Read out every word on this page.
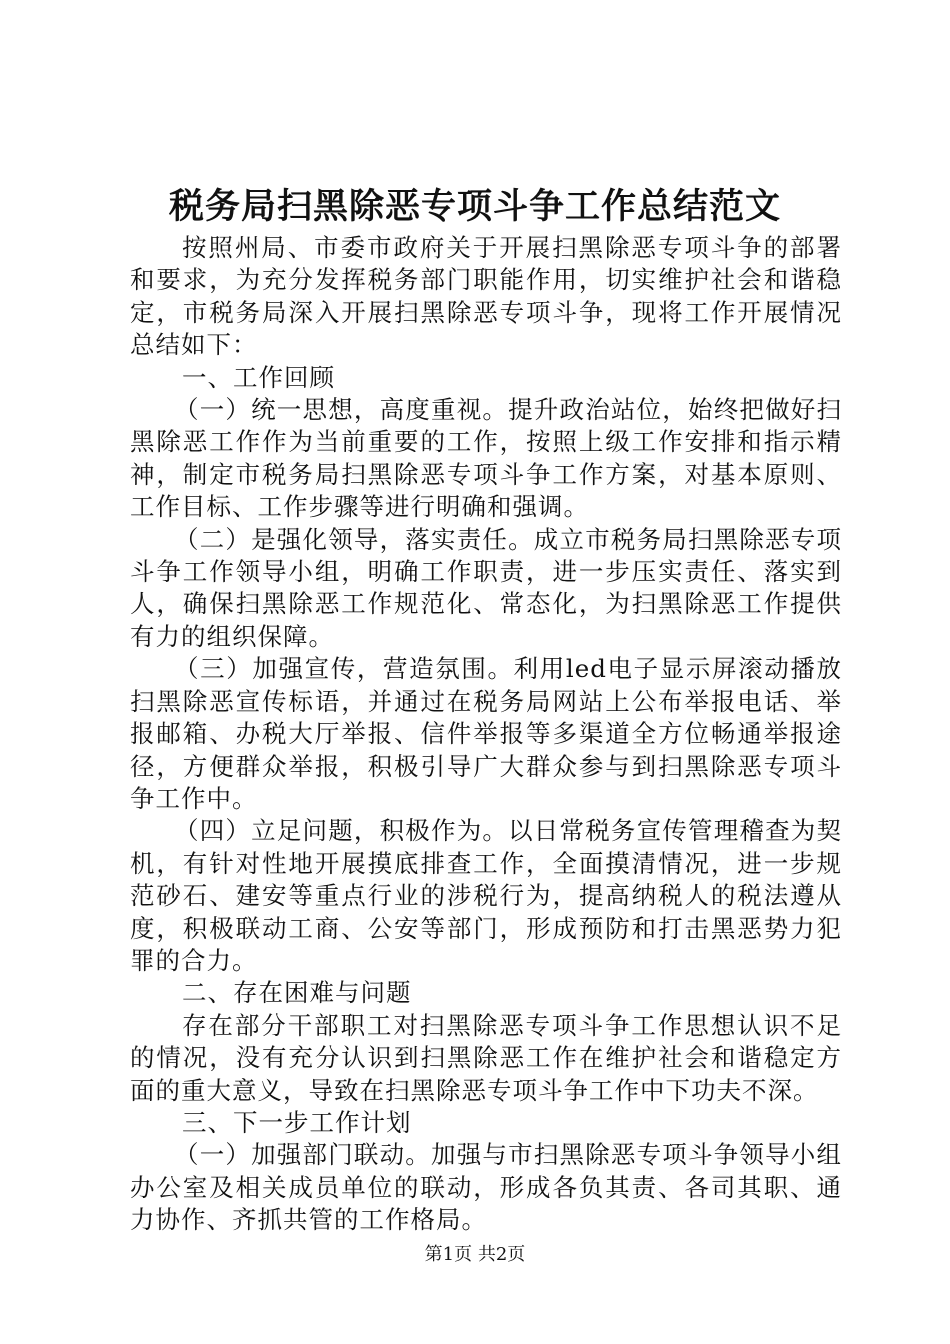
税务局扫黑除恶专项斗争工作总结范文

按照州局、市委市政府关于开展扫黑除恶专项斗争的部署和要求，为充分发挥税务部门职能作用，切实维护社会和谐稳定，市税务局深入开展扫黑除恶专项斗争，现将工作开展情况总结如下：

一、工作回顾

（一）统一思想，高度重视。提升政治站位，始终把做好扫黑除恶工作作为当前重要的工作，按照上级工作安排和指示精神，制定市税务局扫黑除恶专项斗争工作方案，对基本原则、工作目标、工作步骤等进行明确和强调。

（二）是强化领导，落实责任。成立市税务局扫黑除恶专项斗争工作领导小组，明确工作职责，进一步压实责任、落实到人，确保扫黑除恶工作规范化、常态化，为扫黑除恶工作提供有力的组织保障。

（三）加强宣传，营造氛围。利用led电子显示屏滚动播放扫黑除恶宣传标语，并通过在税务局网站上公布举报电话、举报邮箱、办税大厅举报、信件举报等多渠道全方位畅通举报途径，方便群众举报，积极引导广大群众参与到扫黑除恶专项斗争工作中。

（四）立足问题，积极作为。以日常税务宣传管理稽查为契机，有针对性地开展摸底排查工作，全面摸清情况，进一步规范砂石、建安等重点行业的涉税行为，提高纳税人的税法遵从度，积极联动工商、公安等部门，形成预防和打击黑恶势力犯罪的合力。

二、存在困难与问题

存在部分干部职工对扫黑除恶专项斗争工作思想认识不足的情况，没有充分认识到扫黑除恶工作在维护社会和谐稳定方面的重大意义，导致在扫黑除恶专项斗争工作中下功夫不深。

三、下一步工作计划

（一）加强部门联动。加强与市扫黑除恶专项斗争领导小组办公室及相关成员单位的联动，形成各负其责、各司其职、通力协作、齐抓共管的工作格局。

第1页 共2页
